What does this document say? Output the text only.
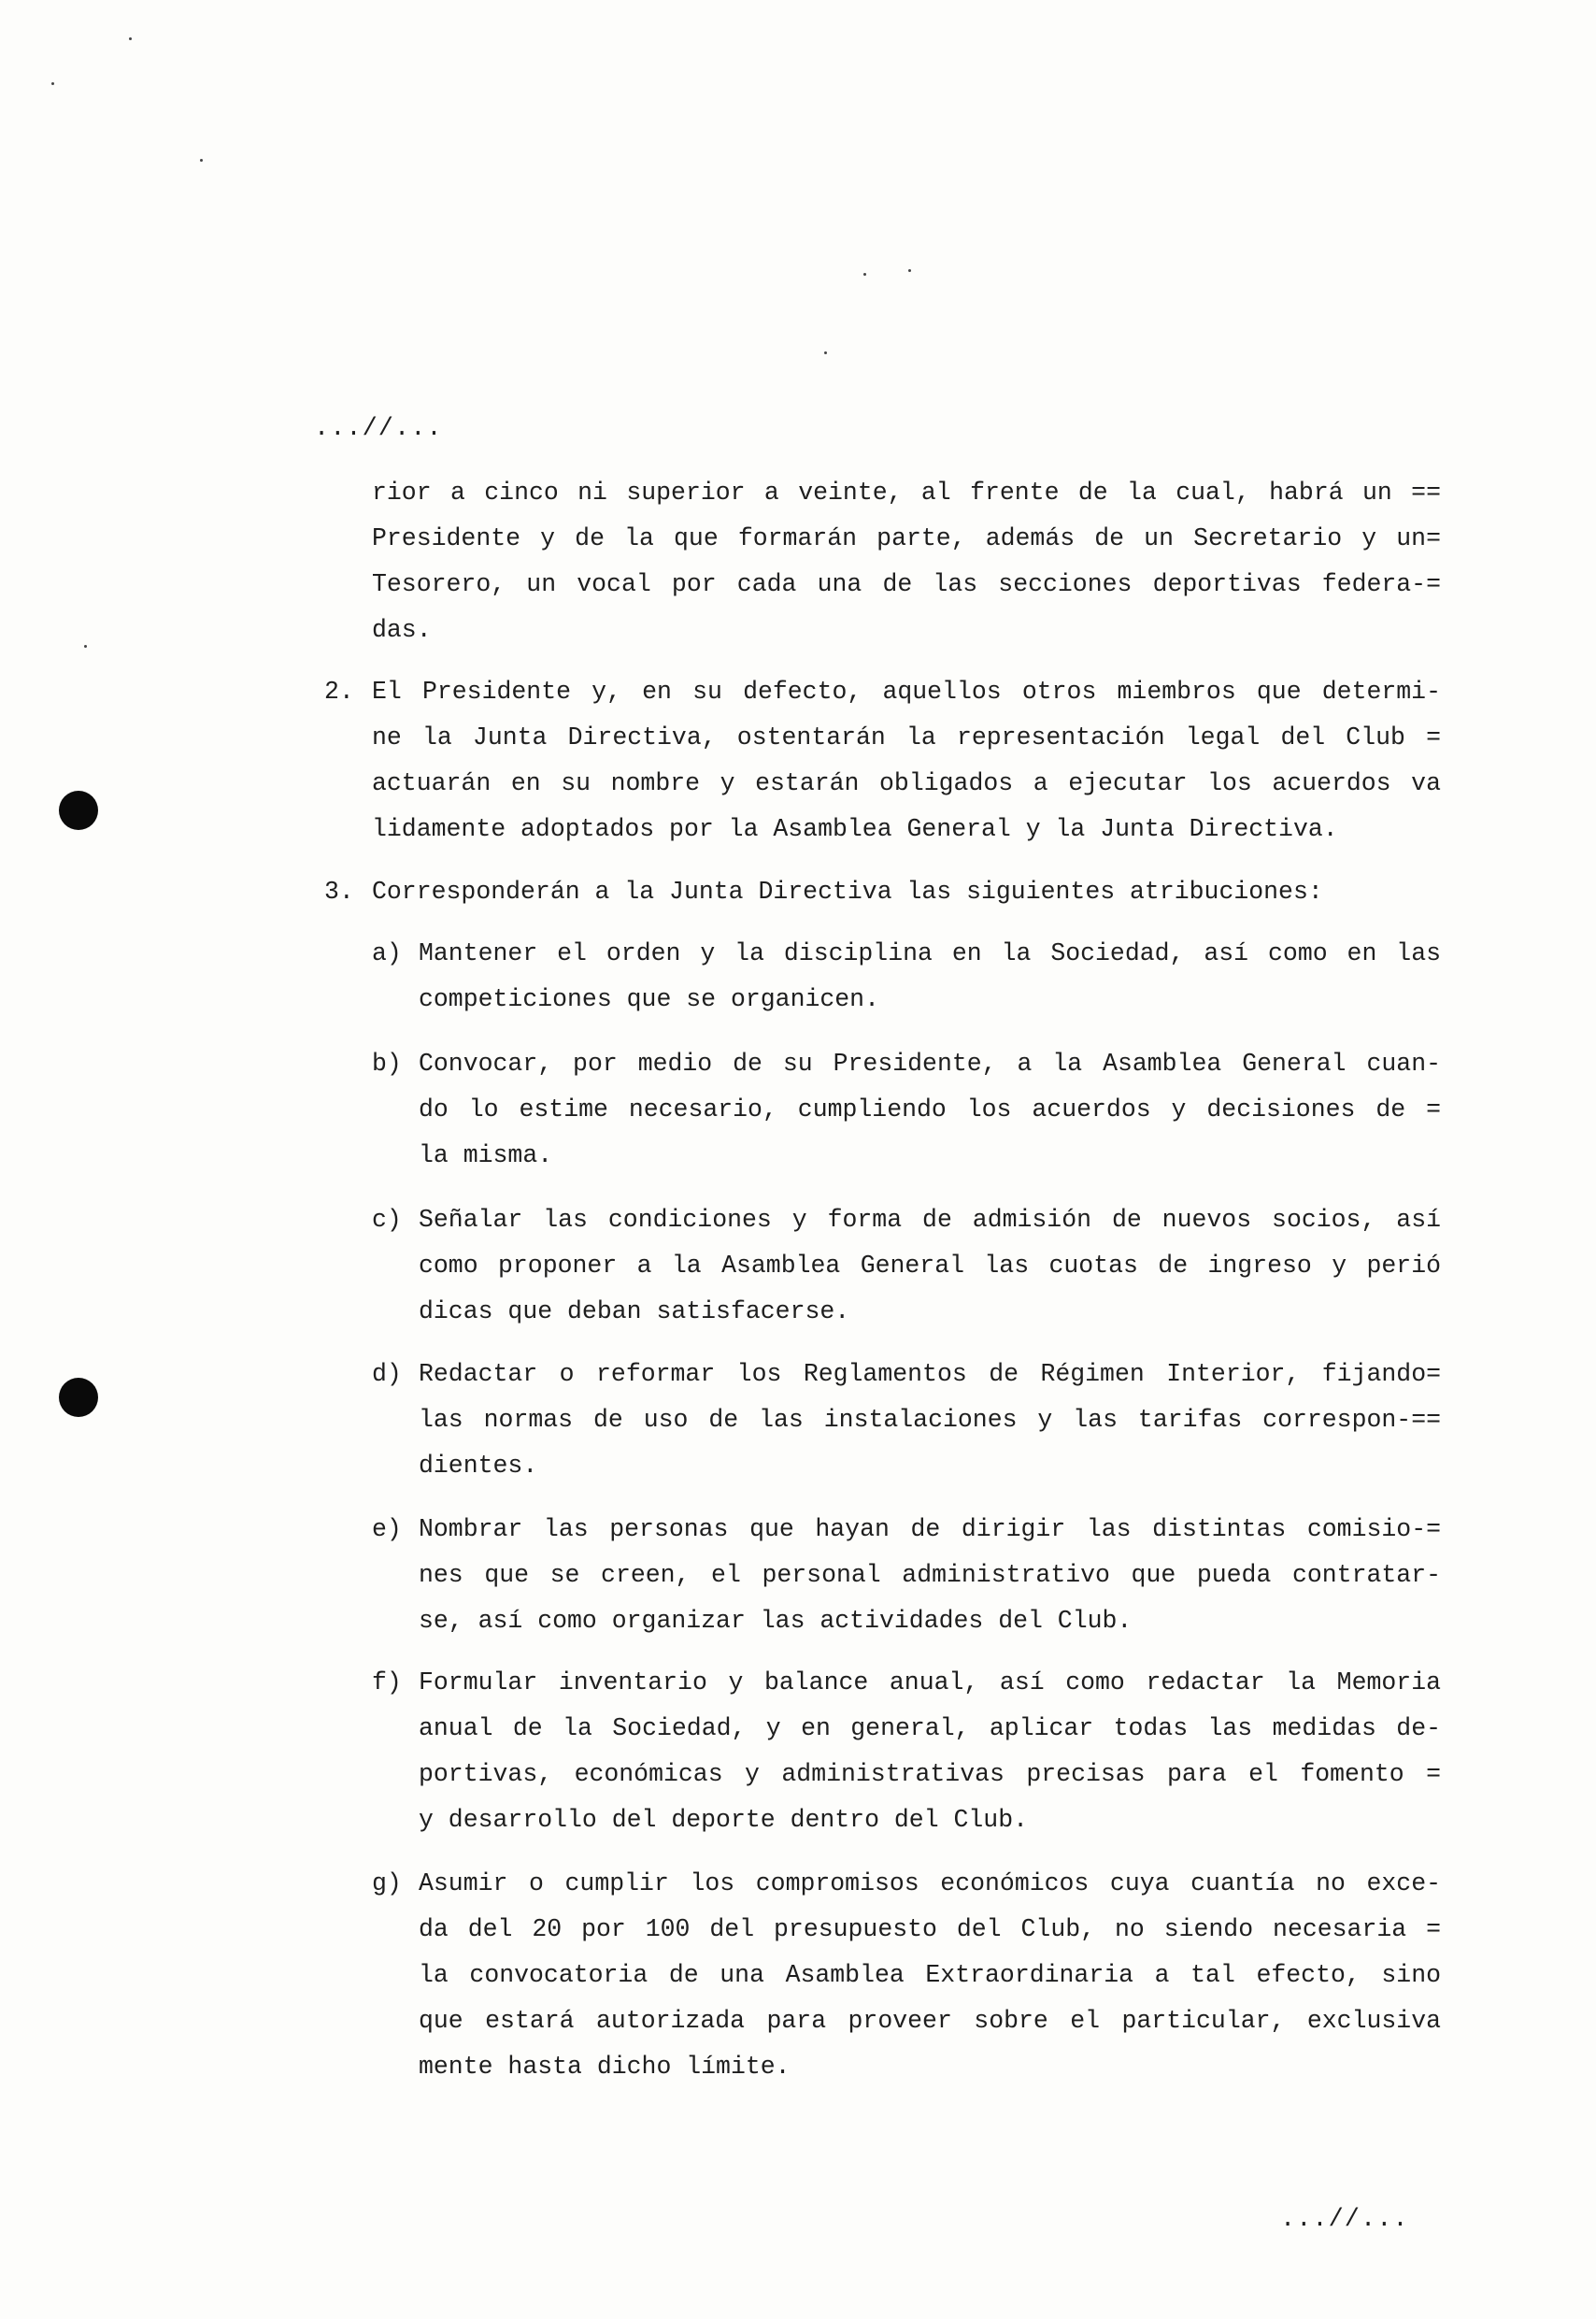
...//...
rior a cinco ni superior a veinte, al frente de la cual, habrá un ==
Presidente y de la que formarán parte, además de un Secretario y un=
Tesorero, un vocal por cada una de las secciones deportivas federa-=
das.
2. El Presidente y, en su defecto, aquellos otros miembros que determi-
ne la Junta Directiva, ostentarán la representación legal del Club =
actuarán en su nombre y estarán obligados a ejecutar los acuerdos va
lidamente adoptados por la Asamblea General y la Junta Directiva.
3. Corresponderán a la Junta Directiva las siguientes atribuciones:
a) Mantener el orden y la disciplina en la Sociedad, así como en las
competiciones que se organicen.
b) Convocar, por medio de su Presidente, a la Asamblea General cuan-
do lo estime necesario, cumpliendo los acuerdos y decisiones de =
la misma.
c) Señalar las condiciones y forma de admisión de nuevos socios, así
como proponer a la Asamblea General las cuotas de ingreso y perió
dicas que deban satisfacerse.
d) Redactar o reformar los Reglamentos de Régimen Interior, fijando=
las normas de uso de las instalaciones y las tarifas correspon-==
dientes.
e) Nombrar las personas que hayan de dirigir las distintas comisio-=
nes que se creen, el personal administrativo que pueda contratar-
se, así como organizar las actividades del Club.
f) Formular inventario y balance anual, así como redactar la Memoria
anual de la Sociedad, y en general, aplicar todas las medidas de-
portivas, económicas y administrativas precisas para el fomento =
y desarrollo del deporte dentro del Club.
g) Asumir o cumplir los compromisos económicos cuya cuantía no exce-
da del 20 por 100 del presupuesto del Club, no siendo necesaria =
la convocatoria de una Asamblea Extraordinaria a tal efecto, sino
que estará autorizada para proveer sobre el particular, exclusiva
mente hasta dicho límite.
...//...
